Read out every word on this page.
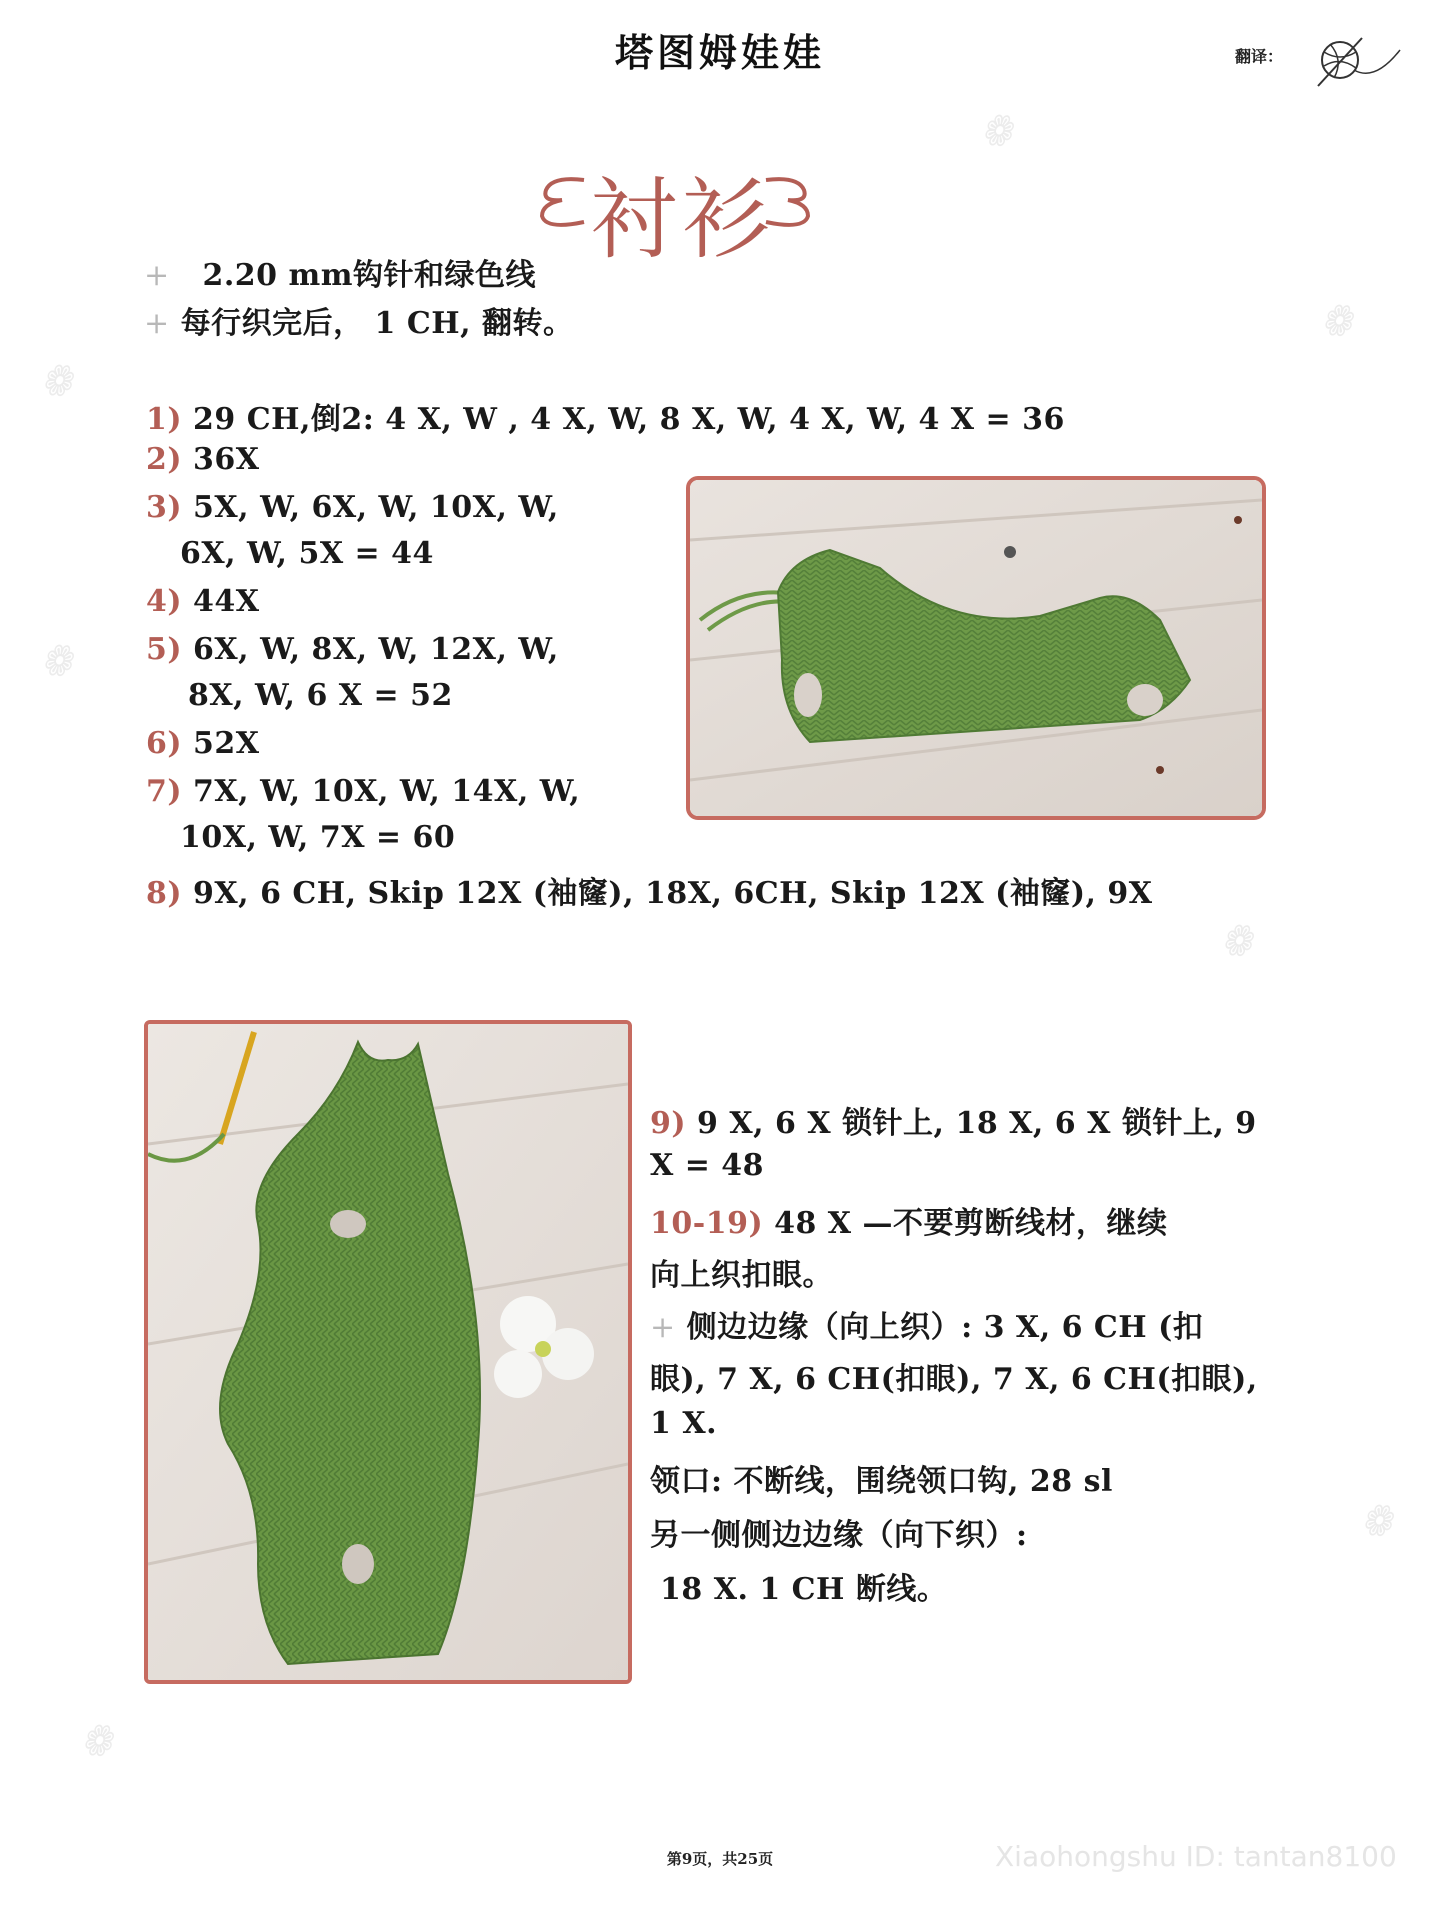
❁
❁
❁
❁
❁
❁
❁
塔图姆娃娃	翻译：
衬衫
+ 2.20 mm钩针和绿色线
+ 每行织完后， 1 CH, 翻转。
1) 29 CH,倒2: 4 X, W , 4 X, W, 8 X, W, 4 X, W, 4 X = 36
2) 36X
3) 5X, W, 6X, W, 10X, W,
6X, W, 5X = 44
4) 44X
5) 6X, W, 8X, W, 12X, W,
8X, W, 6 X = 52
6) 52X
7) 7X, W, 10X, W, 14X, W,
10X, W, 7X = 60
8) 9X, 6 CH, Skip 12X (袖窿), 18X, 6CH, Skip 12X (袖窿), 9X
9) 9 X, 6 X 锁针上, 18 X, 6 X 锁针上, 9
X = 48
10-19) 48 X —不要剪断线材，继续
向上织扣眼。
+ 侧边边缘（向上织）: 3 X, 6 CH (扣
眼), 7 X, 6 CH(扣眼), 7 X, 6 CH(扣眼),
1 X.
领口: 不断线，围绕领口钩, 28 sl
另一侧侧边边缘（向下织）:
18 X. 1 CH 断线。
第9页，共25页	Xiaohongshu ID: tantan8100
